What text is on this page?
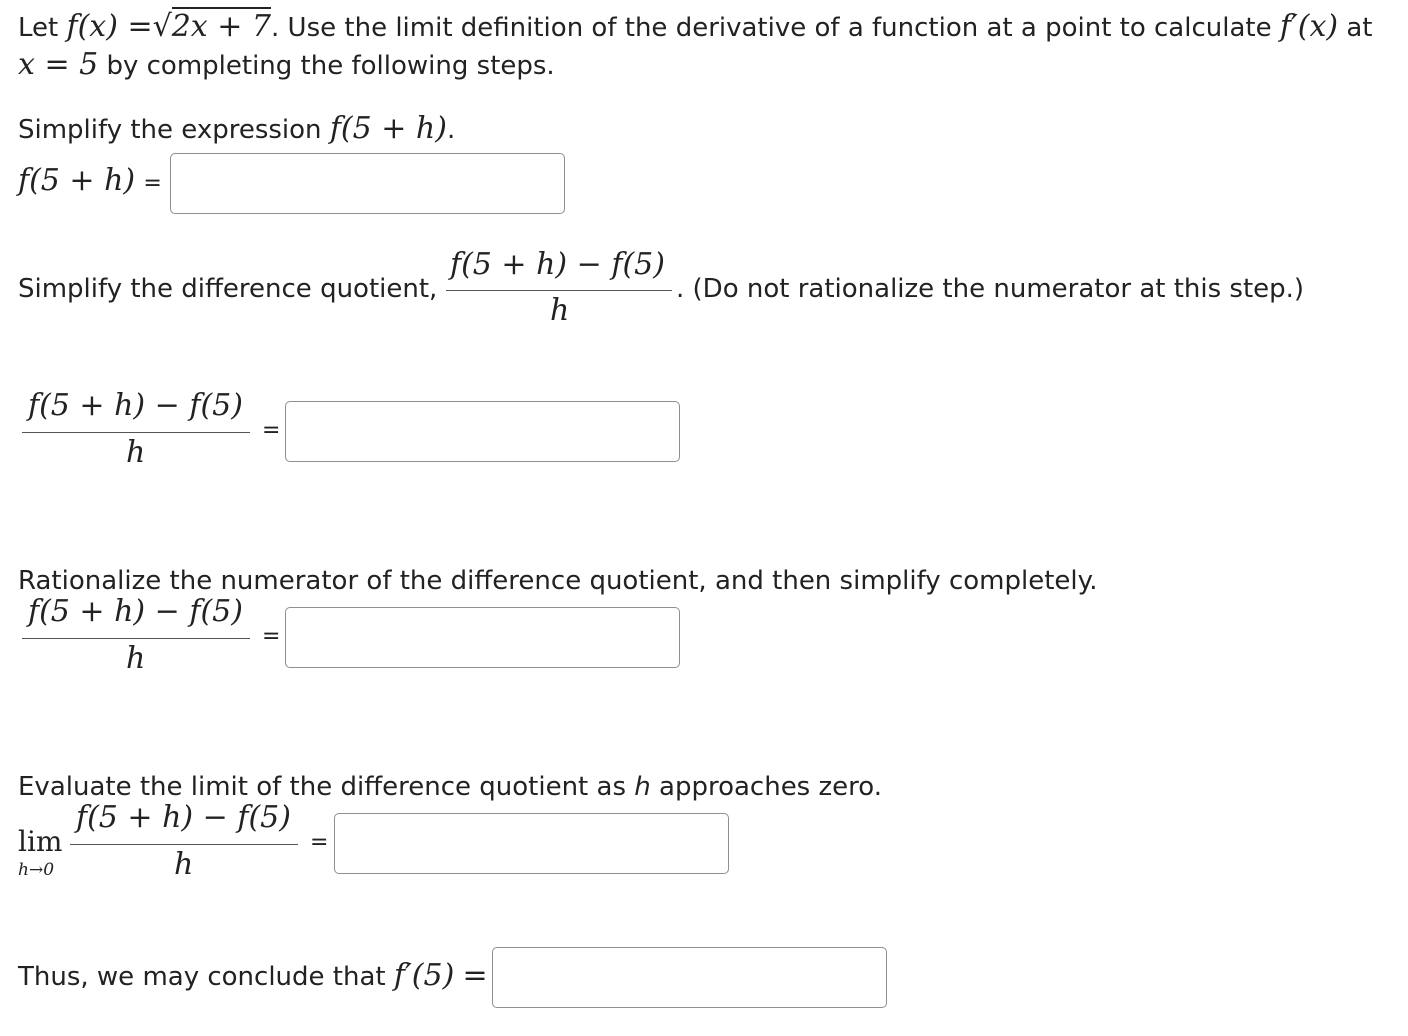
Let f(x) =√2x + 7. Use the limit definition of the derivative of a function at a point to calculate f′(x) at
x = 5 by completing the following steps.
Simplify the expression f(5 + h).
f(5 + h) =
Simplify the difference quotient,
f(5 + h) − f(5)
h
. (Do not rationalize the numerator at this step.)
f(5 + h) − f(5)
h
=
Rationalize the numerator of the difference quotient, and then simplify completely.
f(5 + h) − f(5)
h
=
Evaluate the limit of the difference quotient as h approaches zero.
lim
h→0
f(5 + h) − f(5)
h
=
Thus, we may conclude that f′(5) =
